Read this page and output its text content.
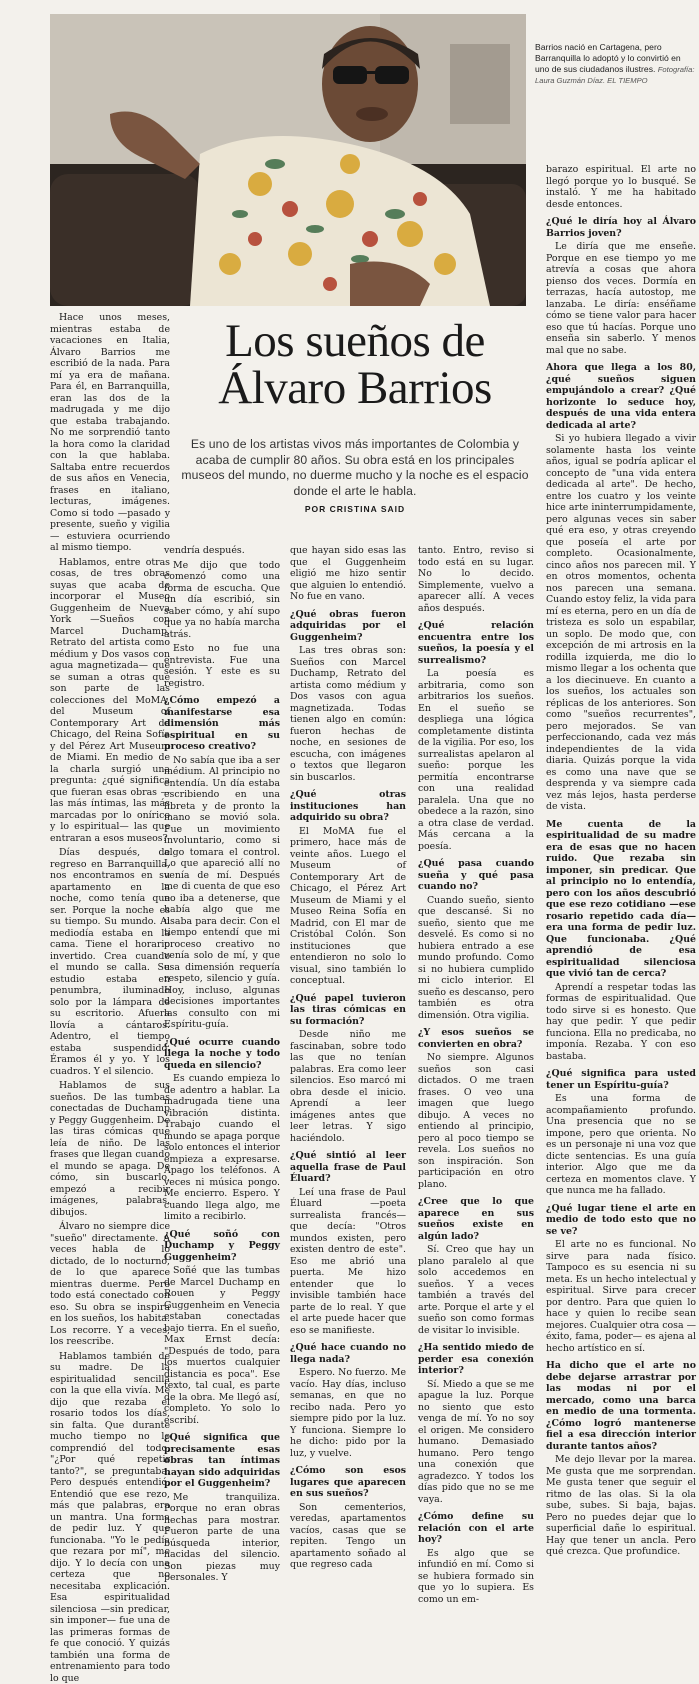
Barrios nació en Cartagena, pero Barranquilla lo adoptó y lo convirtió en uno de sus ciudadanos ilustres. Fotografía: Laura Guzmán Díaz. EL TIEMPO
Los sueños de
Álvaro Barrios
Es uno de los artistas vivos más importantes de Colombia y acaba de cumplir 80 años. Su obra está en los principales museos del mundo, no duerme mucho y la noche es el espacio donde el arte le habla.
POR CRISTINA SAID

Hace unos meses, mientras estaba de vacaciones en Italia, Álvaro Barrios me escribió de la nada. Para mí ya era de mañana. Para él, en Barranquilla, eran las dos de la madrugada y me dijo que estaba trabajando. No me sorprendió tanto la hora como la claridad con la que hablaba. Saltaba entre recuerdos de sus años en Venecia, frases en italiano, lecturas, imágenes. Como si todo —pasado y presente, sueño y vigilia— estuviera ocurriendo al mismo tiempo.

Hablamos, entre otras cosas, de tres obras suyas que acaba de incorporar el Museo Guggenheim de Nueva York —Sueños con Marcel Duchamp, Retrato del artista como médium y Dos vasos con agua magnetizada— que se suman a otras que son parte de las colecciones del MoMA, del Museum of Contemporary Art de Chicago, del Reina Sofía y del Pérez Art Museum de Miami. En medio de la charla surgió una pregunta: ¿qué significa que fueran esas obras —las más íntimas, las más marcadas por lo onírico y lo espiritual— las que entraran a esos museos?

Días después, de regreso en Barranquilla, nos encontramos en su apartamento en la noche, como tenía que ser. Porque la noche es su tiempo. Su mundo. Al mediodía estaba en la cama. Tiene el horario invertido. Crea cuando el mundo se calla. Su estudio estaba en penumbra, iluminado solo por la lámpara de su escritorio. Afuera llovía a cántaros. Adentro, el tiempo estaba suspendido. Éramos él y yo. Y los cuadros. Y el silencio.

Hablamos de sus sueños. De las tumbas conectadas de Duchamp y Peggy Guggenheim. De las tiras cómicas que leía de niño. De las frases que llegan cuando el mundo se apaga. De cómo, sin buscarlo, empezó a recibir imágenes, palabras, dibujos.

Álvaro no siempre dice "sueño" directamente. A veces habla de lo dictado, de lo nocturno, de lo que aparece mientras duerme. Pero todo está conectado con eso. Su obra se inspira en los sueños, los habita. Los recorre. Y a veces, los reescribe.

Hablamos también de su madre. De la espiritualidad sencilla con la que ella vivía. Me dijo que rezaba el rosario todos los días, sin falta. Que durante mucho tiempo no lo comprendió del todo. "¿Por qué repetir tanto?", se preguntaba. Pero después entendió. Entendió que ese rezo, más que palabras, era un mantra. Una forma de pedir luz. Y que funcionaba. "Yo le pedía que rezara por mí", me dijo. Y lo decía con una certeza que no necesitaba explicación. Esa espiritualidad silenciosa —sin predicar, sin imponer— fue una de las primeras formas de fe que conoció. Y quizás también una forma de entrenamiento para todo lo que

vendría después.

Me dijo que todo comenzó como una forma de escucha. Que un día escribió, sin saber cómo, y ahí supo que ya no había marcha atrás.

Esto no fue una entrevista. Fue una sesión. Y este es su registro.

¿Cómo empezó a manifestarse esa dimensión más espiritual en su proceso creativo?

No sabía que iba a ser médium. Al principio no entendía. Un día estaba escribiendo en una libreta y de pronto la mano se movió sola. Fue un movimiento involuntario, como si algo tomara el control. Lo que apareció allí no venía de mí. Después me di cuenta de que eso no iba a detenerse, que había algo que me usaba para decir. Con el tiempo entendí que mi proceso creativo no venía solo de mí, y que esa dimensión requería respeto, silencio y guía. Hoy, incluso, algunas decisiones importantes las consulto con mi Espíritu-guía.

¿Qué ocurre cuando llega la noche y todo queda en silencio?

Es cuando empieza lo de adentro a hablar. La madrugada tiene una vibración distinta. Trabajo cuando el mundo se apaga porque solo entonces el interior empieza a expresarse. Apago los teléfonos. A veces ni música pongo. Me encierro. Espero. Y cuando llega algo, me limito a recibirlo.

¿Qué soñó con Duchamp y Peggy Guggenheim?

Soñé que las tumbas de Marcel Duchamp en Rouen y Peggy Guggenheim en Venecia estaban conectadas bajo tierra. En el sueño, Max Ernst decía: "Después de todo, para los muertos cualquier distancia es poca". Ese texto, tal cual, es parte de la obra. Me llegó así, completo. Yo solo lo escribí.

¿Qué significa que precisamente esas obras tan íntimas hayan sido adquiridas por el Guggenheim?

Me tranquiliza. Porque no eran obras hechas para mostrar. Fueron parte de una búsqueda interior, nacidas del silencio. Son piezas muy personales. Y

que hayan sido esas las que el Guggenheim eligió me hizo sentir que alguien lo entendió. No fue en vano.

¿Qué obras fueron adquiridas por el Guggenheim?

Las tres obras son: Sueños con Marcel Duchamp, Retrato del artista como médium y Dos vasos con agua magnetizada. Todas tienen algo en común: fueron hechas de noche, en sesiones de escucha, con imágenes o textos que llegaron sin buscarlos.

¿Qué otras instituciones han adquirido su obra?

El MoMA fue el primero, hace más de veinte años. Luego el Museum of Contemporary Art de Chicago, el Pérez Art Museum de Miami y el Museo Reina Sofía en Madrid, con El mar de Cristóbal Colón. Son instituciones que entendieron no solo lo visual, sino también lo conceptual.

¿Qué papel tuvieron las tiras cómicas en su formación?

Desde niño me fascinaban, sobre todo las que no tenían palabras. Era como leer silencios. Eso marcó mi obra desde el inicio. Aprendí a leer imágenes antes que leer letras. Y sigo haciéndolo.

¿Qué sintió al leer aquella frase de Paul Éluard?

Leí una frase de Paul Éluard —poeta surrealista francés— que decía: "Otros mundos existen, pero existen dentro de este". Eso me abrió una puerta. Me hizo entender que lo invisible también hace parte de lo real. Y que el arte puede hacer que eso se manifieste.

¿Qué hace cuando no llega nada?

Espero. No fuerzo. Me vacío. Hay días, incluso semanas, en que no recibo nada. Pero yo siempre pido por la luz. Y funciona. Siempre lo he dicho: pido por la luz, y vuelve.

¿Cómo son esos lugares que aparecen en sus sueños?

Son cementerios, veredas, apartamentos vacíos, casas que se repiten. Tengo un apartamento soñado al que regreso cada

tanto. Entro, reviso si todo está en su lugar. No lo decido. Simplemente, vuelvo a aparecer allí. A veces años después.

¿Qué relación encuentra entre los sueños, la poesía y el surrealismo?

La poesía es arbitraria, como son arbitrarios los sueños. En el sueño se despliega una lógica completamente distinta de la vigilia. Por eso, los surrealistas apelaron al sueño: porque les permitía encontrarse con una realidad paralela. Una que no obedece a la razón, sino a otra clase de verdad. Más cercana a la poesía.

¿Qué pasa cuando sueña y qué pasa cuando no?

Cuando sueño, siento que descansé. Si no sueño, siento que me desvelé. Es como si no hubiera entrado a ese mundo profundo. Como si no hubiera cumplido mi ciclo interior. El sueño es descanso, pero también es otra dimensión. Otra vigilia.

¿Y esos sueños se convierten en obra?

No siempre. Algunos sueños son casi dictados. O me traen frases. O veo una imagen que luego dibujo. A veces no entiendo al principio, pero al poco tiempo se revela. Los sueños no son inspiración. Son participación en otro plano.

¿Cree que lo que aparece en sus sueños existe en algún lado?

Sí. Creo que hay un plano paralelo al que solo accedemos en sueños. Y a veces también a través del arte. Porque el arte y el sueño son como formas de visitar lo invisible.

¿Ha sentido miedo de perder esa conexión interior?

Sí. Miedo a que se me apague la luz. Porque no siento que esto venga de mí. Yo no soy el origen. Me considero humano. Demasiado humano. Pero tengo una conexión que agradezco. Y todos los días pido que no se me vaya.

¿Cómo define su relación con el arte hoy?

Es algo que se infundió en mí. Como si se hubiera formado sin que yo lo supiera. Es como un em-

barazo espiritual. El arte no llegó porque yo lo busqué. Se instaló. Y me ha habitado desde entonces.

¿Qué le diría hoy al Álvaro Barrios joven?

Le diría que me enseñe. Porque en ese tiempo yo me atrevía a cosas que ahora pienso dos veces. Dormía en terrazas, hacía autostop, me lanzaba. Le diría: enséñame cómo se tiene valor para hacer eso que tú hacías. Porque uno enseña sin saberlo. Y menos mal que no sabe.

Ahora que llega a los 80, ¿qué sueños siguen empujándolo a crear? ¿Qué horizonte lo seduce hoy, después de una vida entera dedicada al arte?

Si yo hubiera llegado a vivir solamente hasta los veinte años, igual se podría aplicar el concepto de "una vida entera dedicada al arte". De hecho, entre los cuatro y los veinte hice arte ininterrumpidamente, pero algunas veces sin saber qué era eso, y otras creyendo que poseía el arte por completo. Ocasionalmente, cinco años nos parecen mil. Y en otros momentos, ochenta nos parecen una semana. Cuando estoy feliz, la vida para mí es eterna, pero en un día de tristeza es solo un espabilar, un soplo. De modo que, con excepción de mi artrosis en la rodilla izquierda, me dio lo mismo llegar a los ochenta que a los diecinueve. En cuanto a los sueños, los actuales son réplicas de los anteriores. Son como "sueños recurrentes", pero mejorados. Se van perfeccionando, cada vez más independientes de la vida diaria. Quizás porque la vida es como una nave que se desprenda y va siempre cada vez más lejos, hasta perderse de vista.

Me cuenta de la espiritualidad de su madre era de esas que no hacen ruido. Que rezaba sin imponer, sin predicar. Que al principio no lo entendía, pero con los años descubrió que ese rezo cotidiano —ese rosario repetido cada día— era una forma de pedir luz. Que funcionaba. ¿Qué aprendió de esa espiritualidad silenciosa que vivió tan de cerca?

Aprendí a respetar todas las formas de espiritualidad. Que todo sirve si es honesto. Que hay que pedir. Y que pedir funciona. Ella no predicaba, no imponía. Rezaba. Y con eso bastaba.

¿Qué significa para usted tener un Espíritu-guía?

Es una forma de acompañamiento profundo. Una presencia que no se impone, pero que orienta. No es un personaje ni una voz que dicte sentencias. Es una guía interior. Algo que me da certeza en momentos clave. Y que nunca me ha fallado.

¿Qué lugar tiene el arte en medio de todo esto que no se ve?

El arte no es funcional. No sirve para nada físico. Tampoco es su esencia ni su meta. Es un hecho intelectual y espiritual. Sirve para crecer por dentro. Para que quien lo hace y quien lo recibe sean mejores. Cualquier otra cosa —éxito, fama, poder— es ajena al hecho artístico en sí.

Ha dicho que el arte no debe dejarse arrastrar por las modas ni por el mercado, como una barca en medio de una tormenta. ¿Cómo logró mantenerse fiel a esa dirección interior durante tantos años?

Me dejo llevar por la marea. Me gusta que me sorprendan. Me gusta tener que seguir el ritmo de las olas. Si la ola sube, subes. Si baja, bajas. Pero no puedes dejar que lo superficial dañe lo espiritual. Hay que tener un ancla. Pero qué crezca. Que profundice.
